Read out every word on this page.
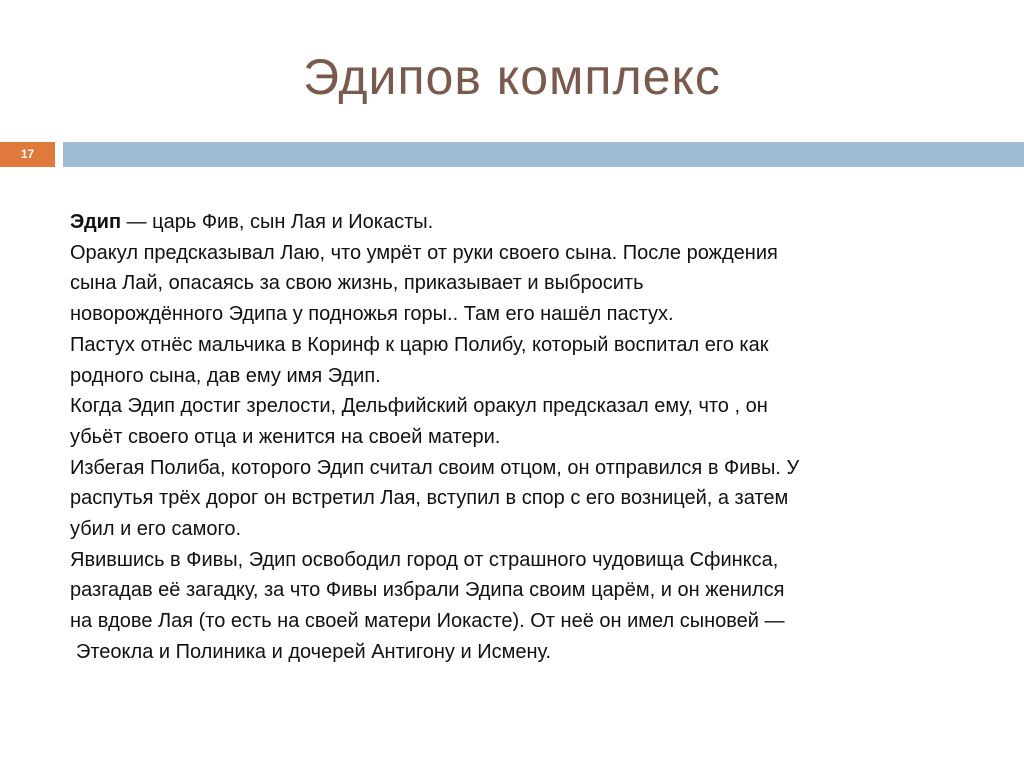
Эдипов комплекс
17

Эдип — царь Фив, сын Лая и Иокасты.

Оракул предсказывал Лаю, что умрёт от руки своего сына. После рождения

сына Лай, опасаясь за свою жизнь, приказывает и выбросить

новорождённого Эдипа у подножья горы.. Там его нашёл пастух.

Пастух отнёс мальчика в Коринф к царю Полибу, который воспитал его как

родного сына, дав ему имя Эдип.

Когда Эдип достиг зрелости, Дельфийский оракул предсказал ему, что , он

убьёт своего отца и женится на своей матери.

Избегая Полиба, которого Эдип считал своим отцом, он отправился в Фивы. У

распутья трёх дорог он встретил Лая, вступил в спор с его возницей, а затем

убил и его самого.

Явившись в Фивы, Эдип освободил город от страшного чудовища Сфинкса,

разгадав её загадку, за что Фивы избрали Эдипа своим царём, и он женился

на вдове Лая (то есть на своей матери Иокасте). От неё он имел сыновей —

Этеокла и Полиника и дочерей Антигону и Исмену.
